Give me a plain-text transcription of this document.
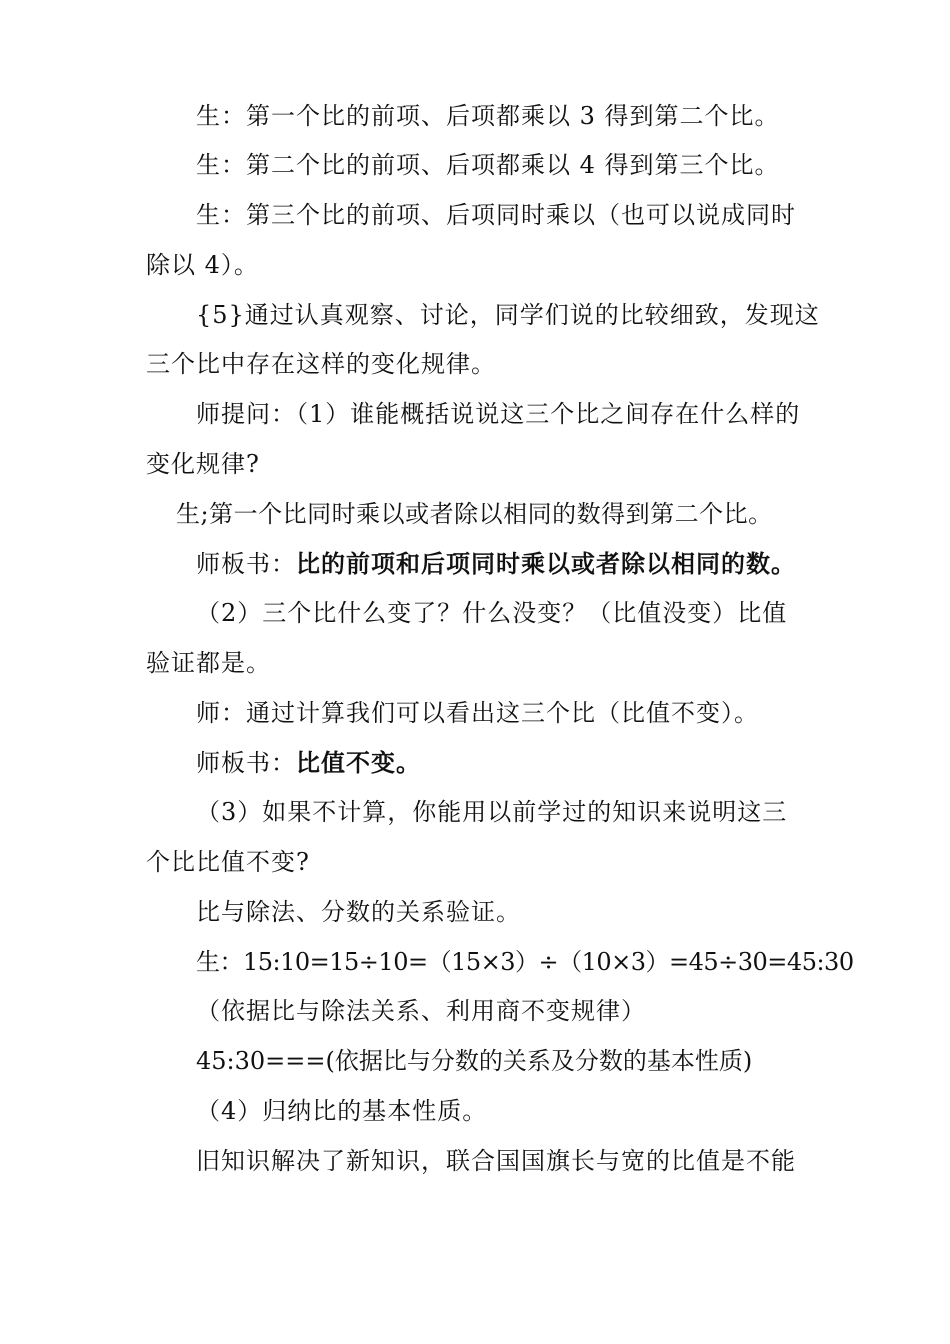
生：第一个比的前项、后项都乘以 3 得到第二个比。
生：第二个比的前项、后项都乘以 4 得到第三个比。
生：第三个比的前项、后项同时乘以（也可以说成同时
除以 4）。
{5}通过认真观察、讨论，同学们说的比较细致，发现这
三个比中存在这样的变化规律。
师提问：（1）谁能概括说说这三个比之间存在什么样的
变化规律?
生;第一个比同时乘以或者除以相同的数得到第二个比。
师板书：比的前项和后项同时乘以或者除以相同的数。
（2）三个比什么变了？什么没变？（比值没变）比值
验证都是。
师：通过计算我们可以看出这三个比（比值不变）。
师板书：比值不变。
（3）如果不计算，你能用以前学过的知识来说明这三
个比比值不变?
比与除法、分数的关系验证。
生：15:10=15÷10=（15×3）÷（10×3）=45÷30=45:30
（依据比与除法关系、利用商不变规律）
45:30===(依据比与分数的关系及分数的基本性质)
（4）归纳比的基本性质。
旧知识解决了新知识，联合国国旗长与宽的比值是不能
